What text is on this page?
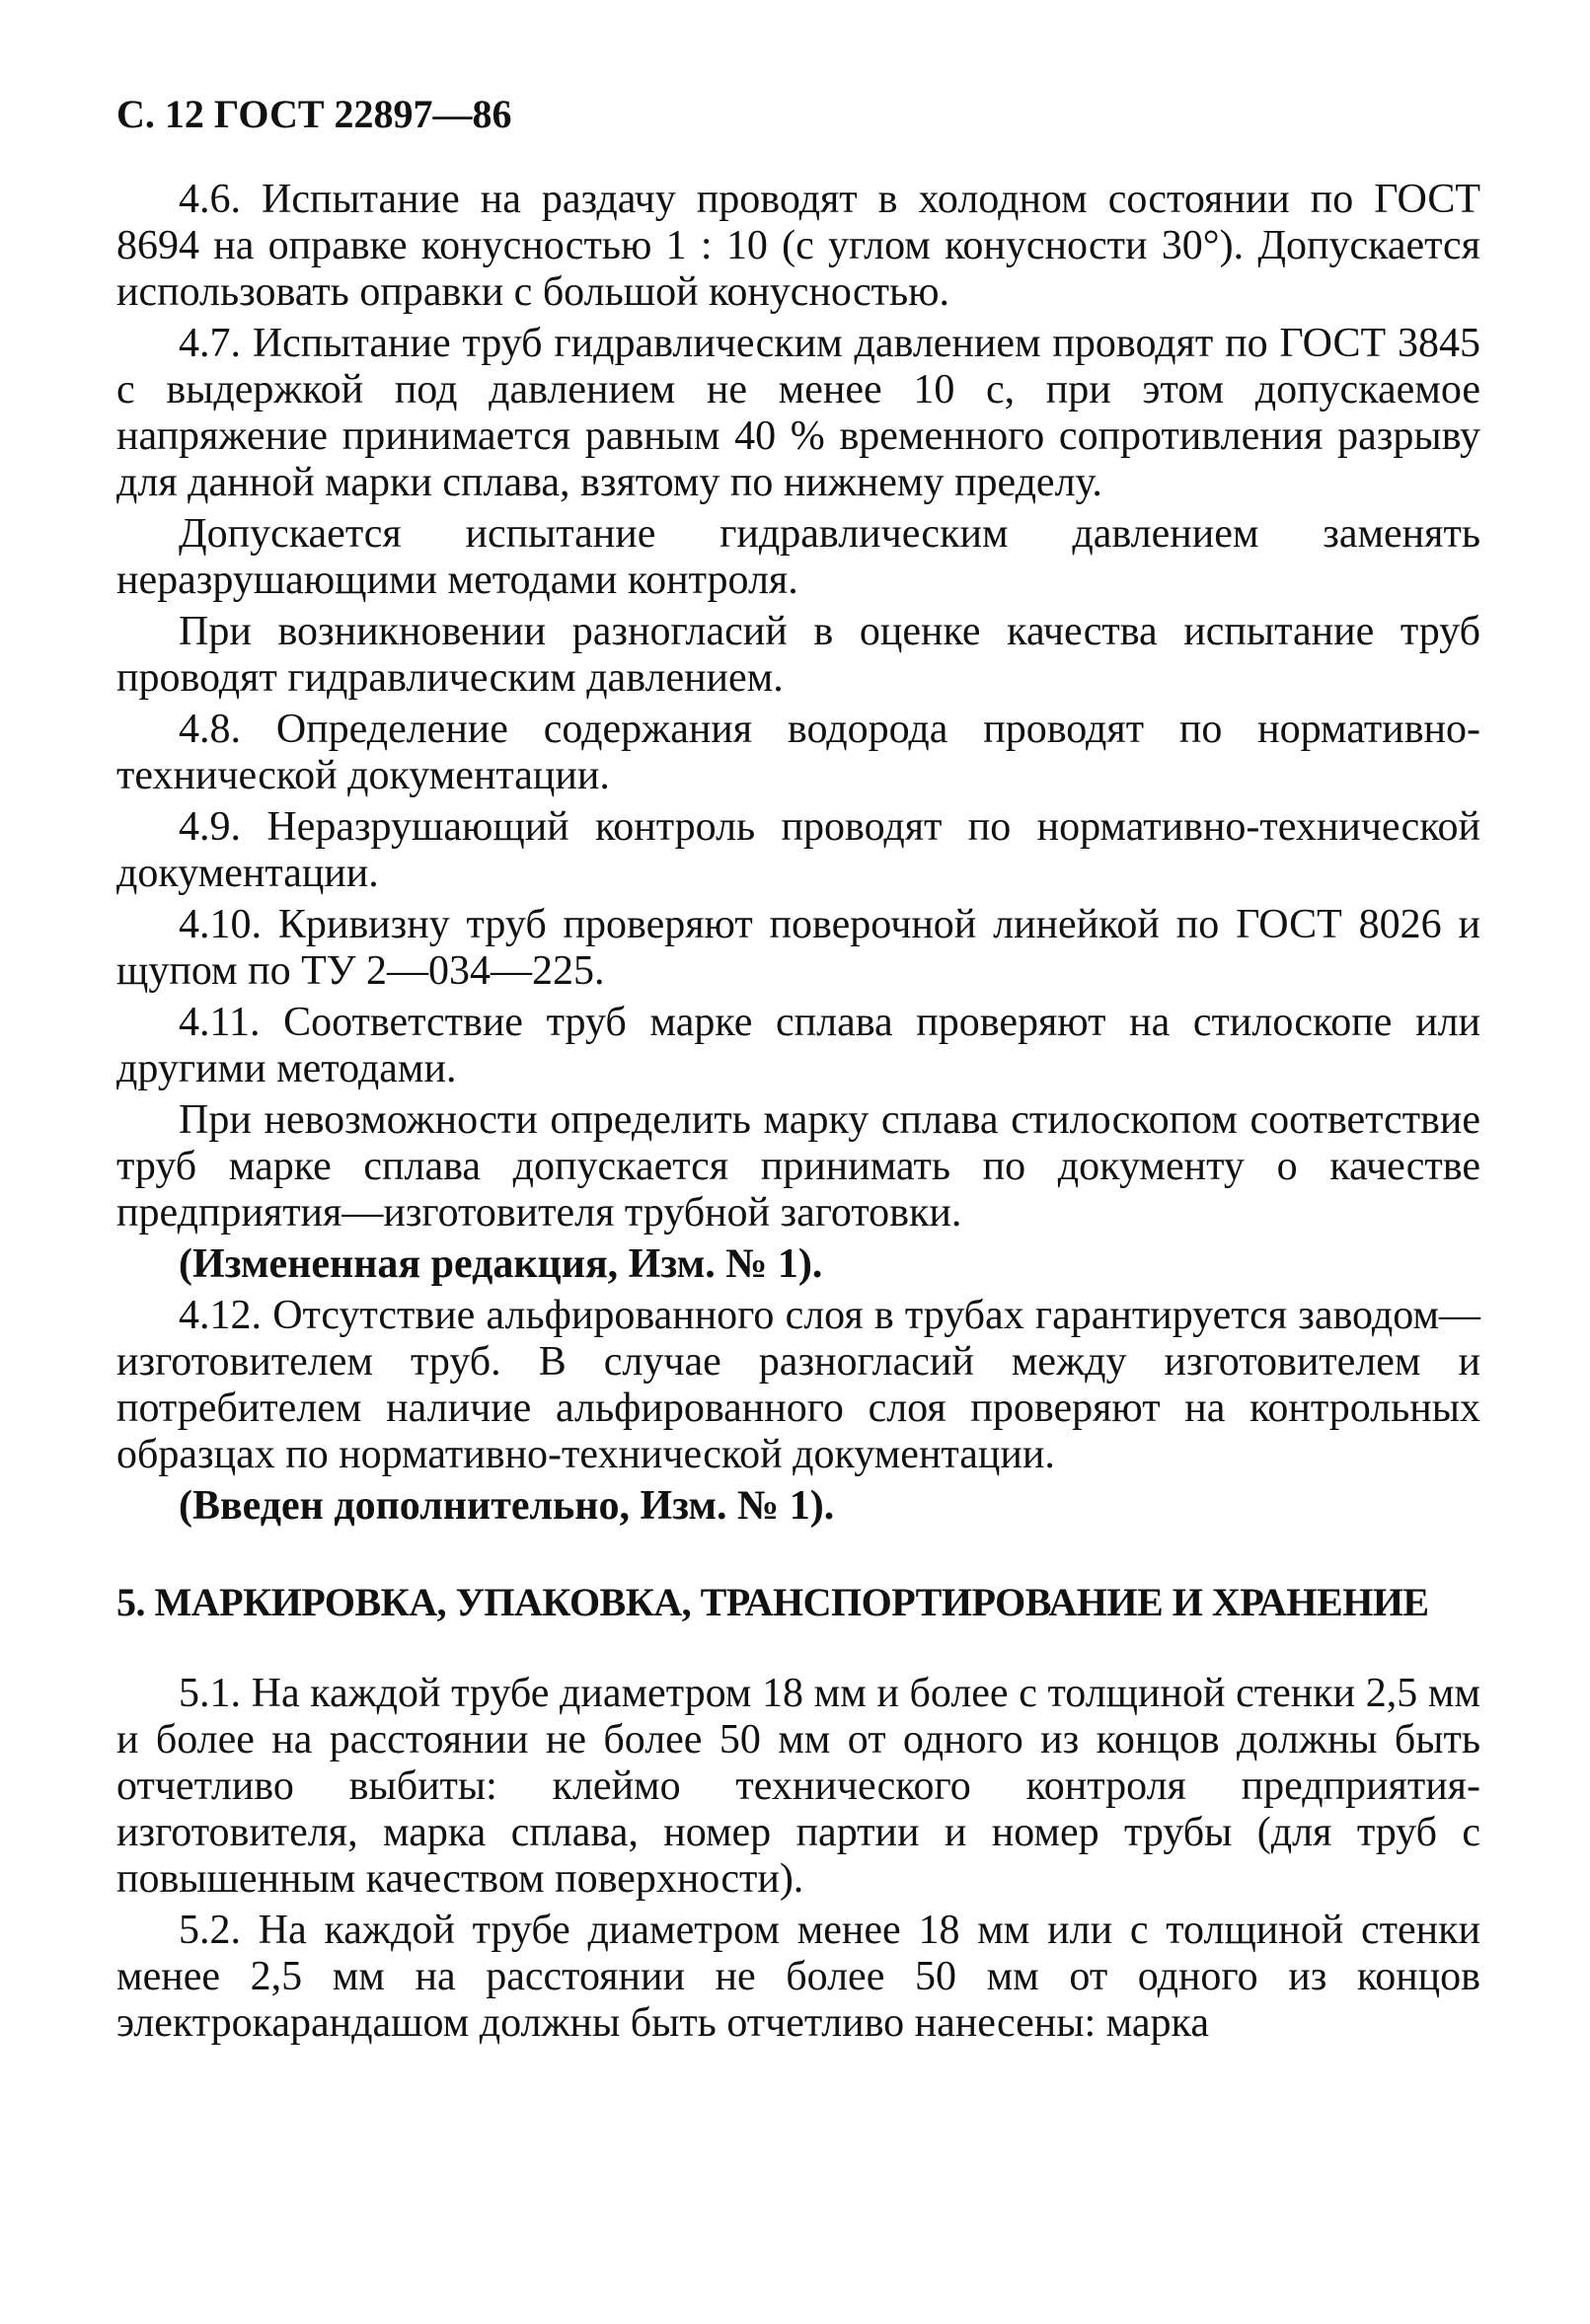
С. 12 ГОСТ 22897—86

4.6. Испытание на раздачу проводят в холодном состоянии по ГОСТ 8694 на оправке конусностью 1 : 10 (с углом конусности 30°). Допускается использовать оправки с большой конусностью.

4.7. Испытание труб гидравлическим давлением проводят по ГОСТ 3845 с выдержкой под давлением не менее 10 с, при этом допускаемое напряжение принимается равным 40 % временного сопротивления разрыву для данной марки сплава, взятому по нижнему пределу.

Допускается испытание гидравлическим давлением заменять неразрушающими методами контроля.

При возникновении разногласий в оценке качества испытание труб проводят гидравлическим давлением.

4.8. Определение содержания водорода проводят по нормативно-технической документации.

4.9. Неразрушающий контроль проводят по нормативно-технической документации.

4.10. Кривизну труб проверяют поверочной линейкой по ГОСТ 8026 и щупом по ТУ 2—034—225.

4.11. Соответствие труб марке сплава проверяют на стилоскопе или другими методами.

При невозможности определить марку сплава стилоскопом соответствие труб марке сплава допускается принимать по документу о качестве предприятия—изготовителя трубной заготовки.

(Измененная редакция, Изм. № 1).

4.12. Отсутствие альфированного слоя в трубах гарантируется заводом—изготовителем труб. В случае разногласий между изготовителем и потребителем наличие альфированного слоя проверяют на контрольных образцах по нормативно-технической документации.

(Введен дополнительно, Изм. № 1).

5. МАРКИРОВКА, УПАКОВКА, ТРАНСПОРТИРОВАНИЕ И ХРАНЕНИЕ

5.1. На каждой трубе диаметром 18 мм и более с толщиной стенки 2,5 мм и более на расстоянии не более 50 мм от одного из концов должны быть отчетливо выбиты: клеймо технического контроля предприятия-изготовителя, марка сплава, номер партии и номер трубы (для труб с повышенным качеством поверхности).

5.2. На каждой трубе диаметром менее 18 мм или с толщиной стенки менее 2,5 мм на расстоянии не более 50 мм от одного из концов электрокарандашом должны быть отчетливо нанесены: марка
